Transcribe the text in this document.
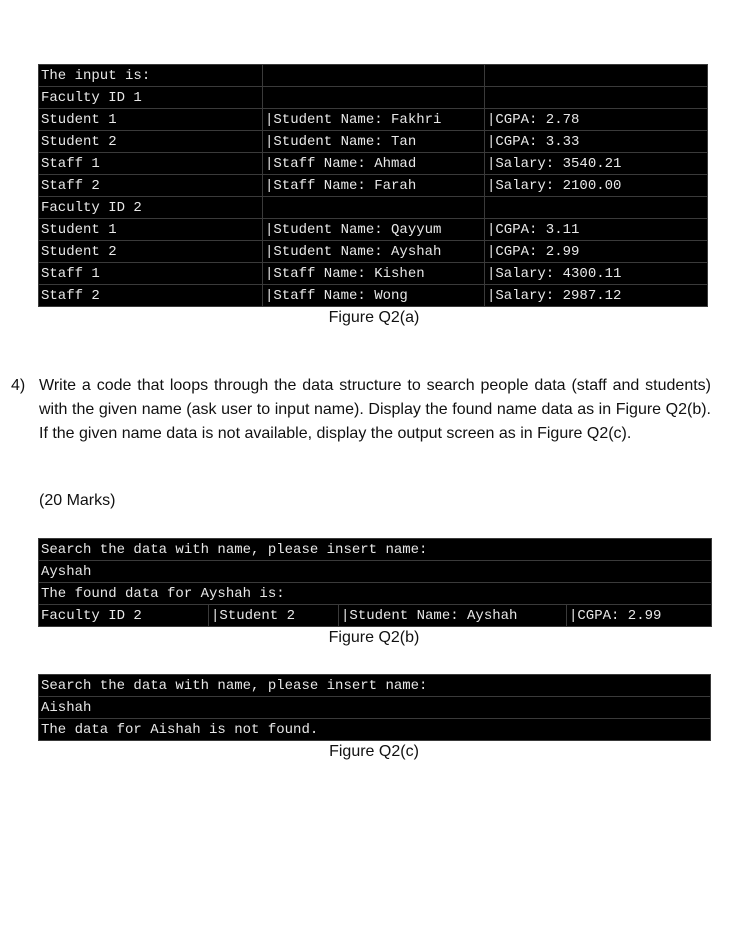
The input is:		
Faculty ID 1		
Student 1	|Student Name: Fakhri	|CGPA: 2.78
Student 2	|Student Name: Tan	|CGPA: 3.33
Staff 1	|Staff Name: Ahmad	|Salary: 3540.21
Staff 2	|Staff Name: Farah	|Salary: 2100.00
Faculty ID 2		
Student 1	|Student Name: Qayyum	|CGPA: 3.11
Student 2	|Student Name: Ayshah	|CGPA: 2.99
Staff 1	|Staff Name: Kishen	|Salary: 4300.11
Staff 2	|Staff Name: Wong	|Salary: 2987.12
Figure Q2(a)
4) Write a code that loops through the data structure to search people data (staff and students) with the given name (ask user to input name). Display the found name data as in Figure Q2(b). If the given name data is not available, display the output screen as in Figure Q2(c).
(20 Marks)
Search the data with name, please insert name:
Ayshah
The found data for Ayshah is:
Faculty ID 2	|Student 2	|Student Name: Ayshah	|CGPA: 2.99
Figure Q2(b)
Search the data with name, please insert name:
Aishah
The data for Aishah is not found.
Figure Q2(c)
